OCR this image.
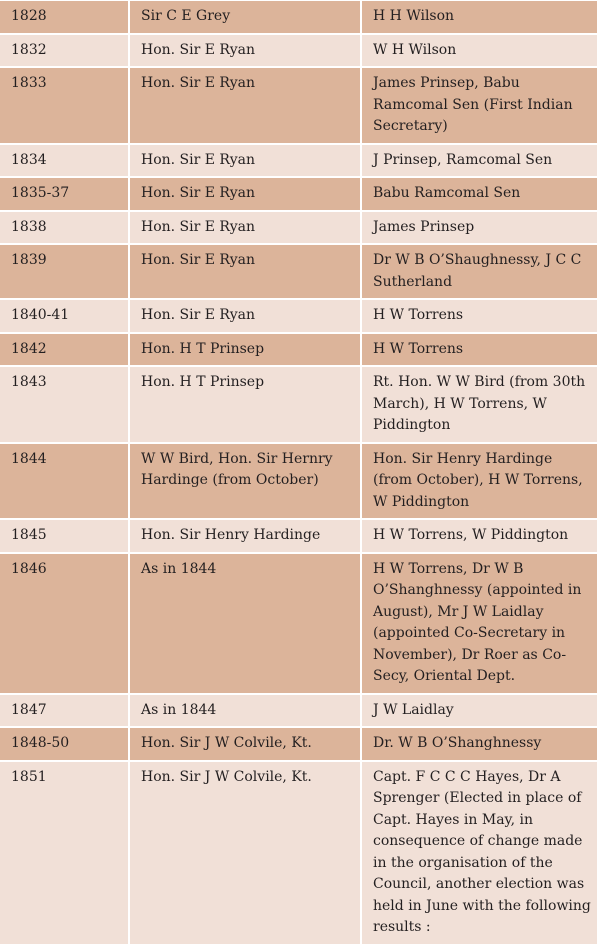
1828	Sir C E Grey	H H Wilson
1832	Hon. Sir E Ryan	W H Wilson
1833	Hon. Sir E Ryan	James Prinsep, Babu Ramcomal Sen (First Indian Secretary)
1834	Hon. Sir E Ryan	J Prinsep, Ramcomal Sen
1835-37	Hon. Sir E Ryan	Babu Ramcomal Sen
1838	Hon. Sir E Ryan	James Prinsep
1839	Hon. Sir E Ryan	Dr W B O’Shaughnessy, J C C Sutherland
1840-41	Hon. Sir E Ryan	H W Torrens
1842	Hon. H T Prinsep	H W Torrens
1843	Hon. H T Prinsep	Rt. Hon. W W Bird (from 30th March), H W Torrens, W Piddington
1844	W W Bird, Hon. Sir Hernry Hardinge (from October)	Hon. Sir Henry Hardinge (from October), H W Torrens, W Piddington
1845	Hon. Sir Henry Hardinge	H W Torrens, W Piddington
1846	As in 1844	H W Torrens, Dr W B O’Shanghnessy (appointed in August), Mr J W Laidlay (appointed Co-Secretary in November), Dr Roer as Co-Secy, Oriental Dept.
1847	As in 1844	J W Laidlay
1848-50	Hon. Sir J W Colvile, Kt.	Dr. W B O’Shanghnessy
1851	Hon. Sir J W Colvile, Kt.	Capt. F C C C Hayes, Dr A Sprenger (Elected in place of Capt. Hayes in May, in consequence of change made in the organisation of the Council, another election was held in June with the following results :
